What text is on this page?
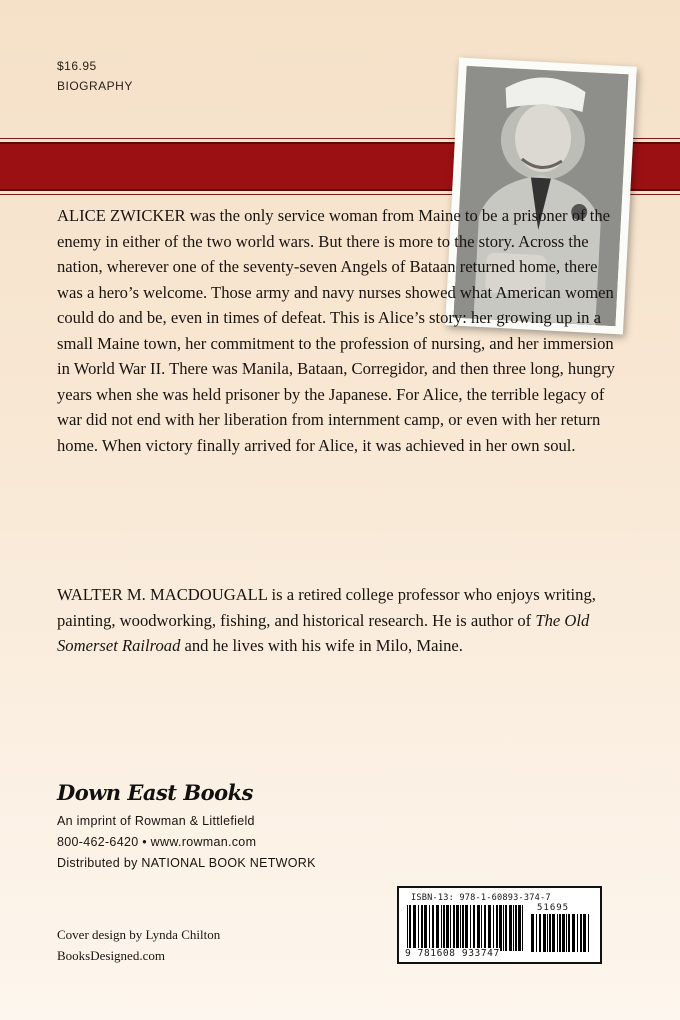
$16.95
BIOGRAPHY

ALICE ZWICKER was the only service woman from Maine to be a prisoner of the enemy in either of the two world wars. But there is more to the story. Across the nation, wherever one of the seventy-seven Angels of Bataan returned home, there was a hero’s welcome. Those army and navy nurses showed what American women could do and be, even in times of defeat. This is Alice’s story: her growing up in a small Maine town, her commitment to the profession of nursing, and her immersion in World War II. There was Manila, Bataan, Corregidor, and then three long, hungry years when she was held prisoner by the Japanese. For Alice, the terrible legacy of war did not end with her liberation from internment camp, or even with her return home. When victory finally arrived for Alice, it was achieved in her own soul.

WALTER M. MACDOUGALL is a retired college professor who enjoys writing, painting, woodworking, fishing, and historical research. He is author of The Old Somerset Railroad and he lives with his wife in Milo, Maine.

Down East Books
An imprint of Rowman & Littlefield
800-462-6420 • www.rowman.com
Distributed by NATIONAL BOOK NETWORK
Cover design by Lynda Chilton
BooksDesigned.com
ISBN-13: 978-1-60893-374-7
51695
9 781608 933747
